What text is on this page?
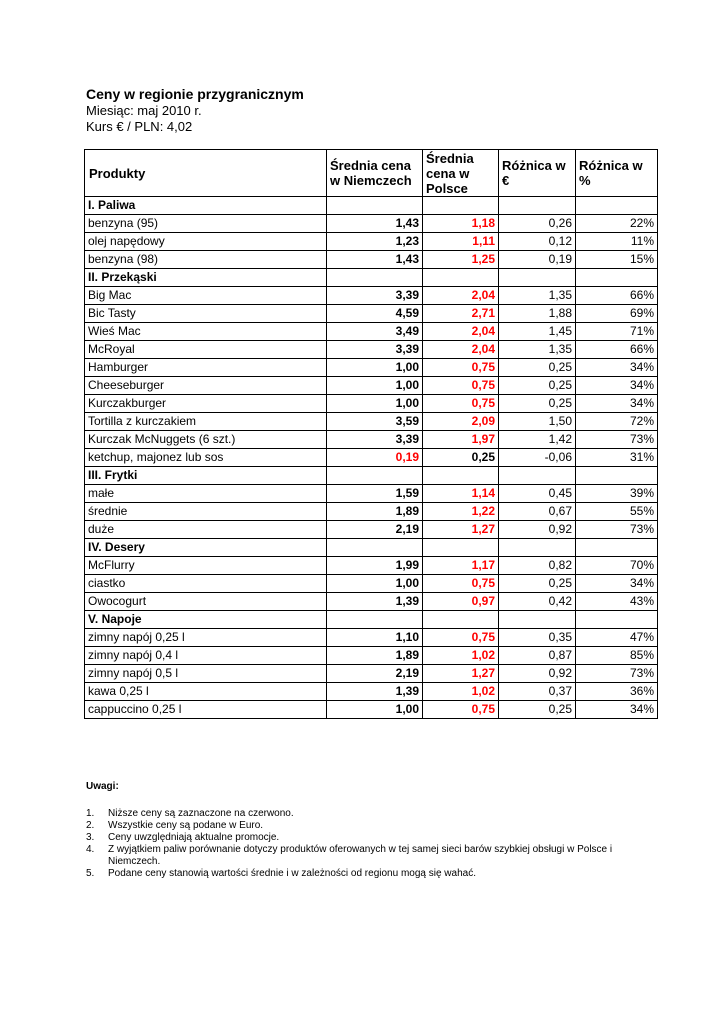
Ceny w regionie przygranicznym
Miesiąc: maj 2010 r.
Kurs € / PLN: 4,02
Produkty	Średnia cena w Niemczech	Średnia cena w Polsce	Różnica w €	Różnica w %
I. Paliwa				
benzyna (95)	1,43	1,18	0,26	22%
olej napędowy	1,23	1,11	0,12	11%
benzyna (98)	1,43	1,25	0,19	15%
II. Przekąski				
Big Mac	3,39	2,04	1,35	66%
Bic Tasty	4,59	2,71	1,88	69%
Wieś Mac	3,49	2,04	1,45	71%
McRoyal	3,39	2,04	1,35	66%
Hamburger	1,00	0,75	0,25	34%
Cheeseburger	1,00	0,75	0,25	34%
Kurczakburger	1,00	0,75	0,25	34%
Tortilla z kurczakiem	3,59	2,09	1,50	72%
Kurczak McNuggets (6 szt.)	3,39	1,97	1,42	73%
ketchup, majonez lub sos	0,19	0,25	-0,06	31%
III. Frytki				
małe	1,59	1,14	0,45	39%
średnie	1,89	1,22	0,67	55%
duże	2,19	1,27	0,92	73%
IV. Desery				
McFlurry	1,99	1,17	0,82	70%
ciastko	1,00	0,75	0,25	34%
Owocogurt	1,39	0,97	0,42	43%
V. Napoje				
zimny napój 0,25 l	1,10	0,75	0,35	47%
zimny napój 0,4 l	1,89	1,02	0,87	85%
zimny napój 0,5 l	2,19	1,27	0,92	73%
kawa 0,25 l	1,39	1,02	0,37	36%
cappuccino 0,25 l	1,00	0,75	0,25	34%
Uwagi:
1.	Niższe ceny są zaznaczone na czerwono.
2.	Wszystkie ceny są podane w Euro.
3.	Ceny uwzględniają aktualne promocje.
4.	Z wyjątkiem paliw porównanie dotyczy produktów oferowanych w tej samej sieci barów szybkiej obsługi w Polsce i Niemczech.
5.	Podane ceny stanowią wartości średnie i w zależności od regionu mogą się wahać.
